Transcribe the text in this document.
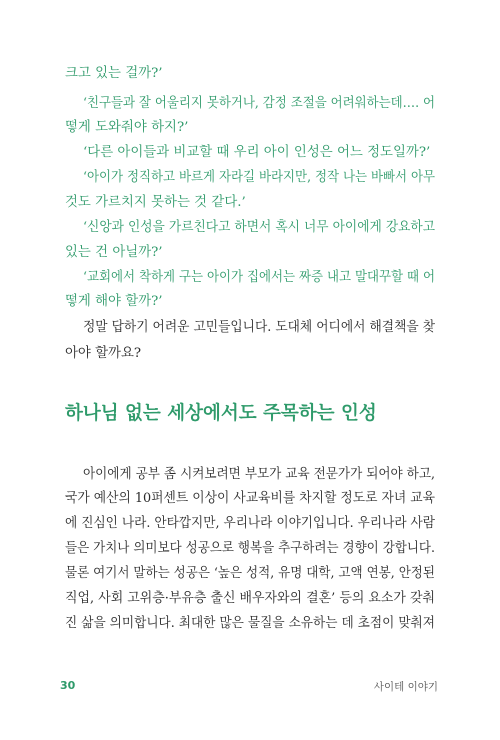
크고 있는 걸까?’
‘친구들과 잘 어울리지 못하거나, 감정 조절을 어려워하는데…. 어
떻게 도와줘야 하지?’
‘다른 아이들과 비교할 때 우리 아이 인성은 어느 정도일까?’
‘아이가 정직하고 바르게 자라길 바라지만, 정작 나는 바빠서 아무
것도 가르치지 못하는 것 같다.’
‘신앙과 인성을 가르친다고 하면서 혹시 너무 아이에게 강요하고
있는 건 아닐까?’
‘교회에서 착하게 구는 아이가 집에서는 짜증 내고 말대꾸할 때 어
떻게 해야 할까?’
정말 답하기 어려운 고민들입니다. 도대체 어디에서 해결책을 찾
아야 할까요?
하나님 없는 세상에서도 주목하는 인성
아이에게 공부 좀 시켜보려면 부모가 교육 전문가가 되어야 하고,
국가 예산의 10퍼센트 이상이 사교육비를 차지할 정도로 자녀 교육
에 진심인 나라. 안타깝지만, 우리나라 이야기입니다. 우리나라 사람
들은 가치나 의미보다 성공으로 행복을 추구하려는 경향이 강합니다.
물론 여기서 말하는 성공은 ‘높은 성적, 유명 대학, 고액 연봉, 안정된
직업, 사회 고위층·부유층 출신 배우자와의 결혼’ 등의 요소가 갖춰
진 삶을 의미합니다. 최대한 많은 물질을 소유하는 데 초점이 맞춰져
30	사이테 이야기
